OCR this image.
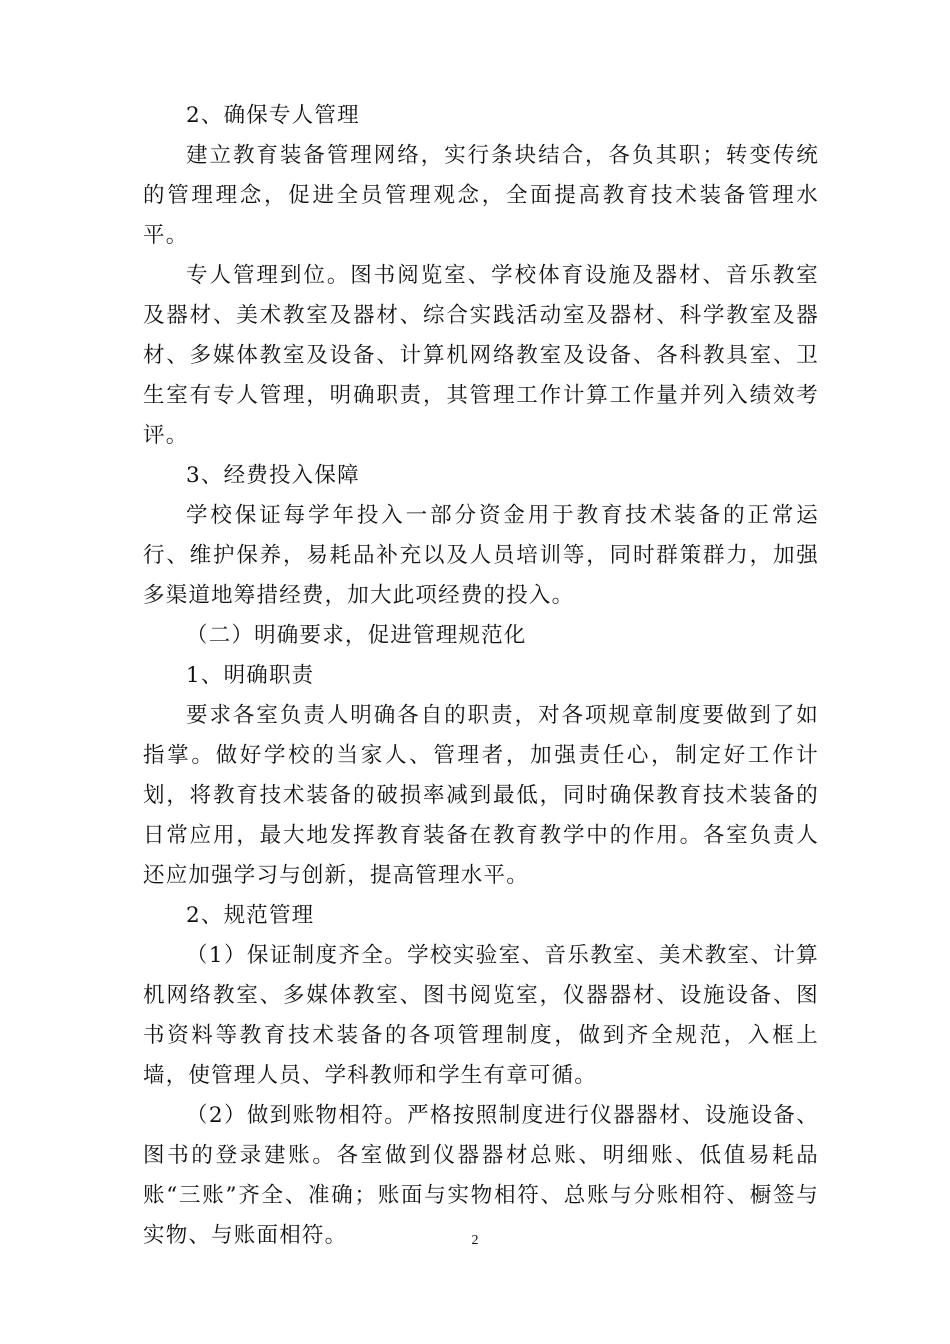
2、确保专人管理

建立教育装备管理网络，实行条块结合，各负其职；转变传统的管理理念，促进全员管理观念，全面提高教育技术装备管理水平。

专人管理到位。图书阅览室、学校体育设施及器材、音乐教室及器材、美术教室及器材、综合实践活动室及器材、科学教室及器材、多媒体教室及设备、计算机网络教室及设备、各科教具室、卫生室有专人管理，明确职责，其管理工作计算工作量并列入绩效考评。

3、经费投入保障

学校保证每学年投入一部分资金用于教育技术装备的正常运行、维护保养，易耗品补充以及人员培训等，同时群策群力，加强多渠道地筹措经费，加大此项经费的投入。

（二）明确要求，促进管理规范化

1、明确职责

要求各室负责人明确各自的职责，对各项规章制度要做到了如指掌。做好学校的当家人、管理者，加强责任心，制定好工作计划，将教育技术装备的破损率减到最低，同时确保教育技术装备的日常应用，最大地发挥教育装备在教育教学中的作用。各室负责人还应加强学习与创新，提高管理水平。

2、规范管理

（1）保证制度齐全。学校实验室、音乐教室、美术教室、计算机网络教室、多媒体教室、图书阅览室，仪器器材、设施设备、图书资料等教育技术装备的各项管理制度，做到齐全规范，入框上墙，使管理人员、学科教师和学生有章可循。

（2）做到账物相符。严格按照制度进行仪器器材、设施设备、图书的登录建账。各室做到仪器器材总账、明细账、低值易耗品账“三账”齐全、准确；账面与实物相符、总账与分账相符、橱签与实物、与账面相符。	2
